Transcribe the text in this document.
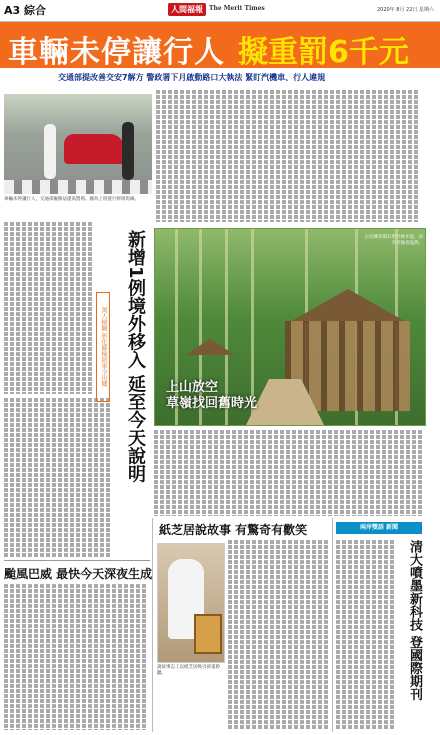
A3 綜合	人間福報	The Merit Times	2020年 8月 22日 星期六
車輛未停讓行人 擬重罰6千元
交通部提改善交安7解方 警政署下月啟動路口大執法 緊盯汽機車、行人違規
車輛未停讓行人，交通部擬修法提高罰則。圖為上班族行經斑馬線。
新增1例境外移入 延至今天說明
萬人檢驗 彰化篩檢結果今出爐
古坑鄉草嶺石壁竹林步道，涼亭旁綠意盎然。
上山放空
草嶺找回舊時光
颱風巴威 最快今天深夜生成
紙芝居說故事 有驚奇有歡笑
說故事志工以紙芝居吸引孩童聆聽。
兩岸雙語 新聞
清大噴墨新科技 登國際期刊
